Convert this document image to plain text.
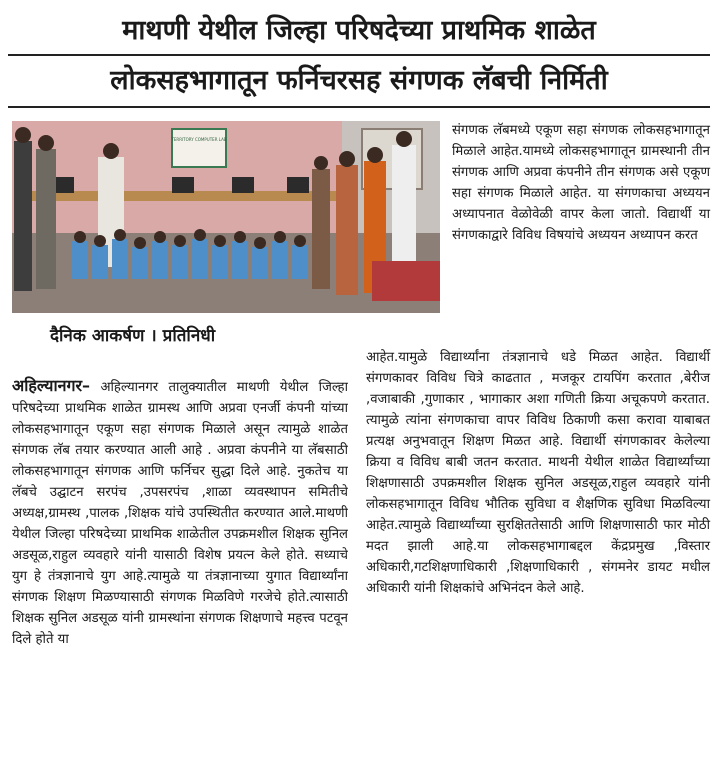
माथणी येथील जिल्हा परिषदेच्या प्राथमिक शाळेत
लोकसहभागातून फर्निचरसह संगणक लॅबची निर्मिती
TERRITORY COMPUTER LAB
दैनिक आकर्षण । प्रतिनिधी

संगणक लॅबमध्ये एकूण सहा संगणक लोकसहभागातून मिळाले आहेत.यामध्ये लोकसहभागातून ग्रामस्थानी तीन संगणक आणि अप्रवा कंपनीने तीन संगणक असे एकूण सहा संगणक मिळाले आहेत. या संगणकाचा अध्ययन अध्यापनात वेळोवेळी वापर केला जातो. विद्यार्थी या संगणकाद्वारे विविध विषयांचे अध्ययन अध्यापन करत

आहेत.यामुळे विद्यार्थ्यांना तंत्रज्ञानाचे धडे मिळत आहेत. विद्यार्थी संगणकावर विविध चित्रे काढतात , मजकूर टायपिंग करतात ,बेरीज ,वजाबाकी ,गुणाकार , भागाकार अशा गणिती क्रिया अचूकपणे करतात. त्यामुळे त्यांना संगणकाचा वापर विविध ठिकाणी कसा करावा याबाबत प्रत्यक्ष अनुभवातून शिक्षण मिळत आहे. विद्यार्थी संगणकावर केलेल्या क्रिया व विविध बाबी जतन करतात. माथनी येथील शाळेत विद्यार्थ्यांच्या शिक्षणासाठी उपक्रमशील शिक्षक सुनिल अडसूळ,राहुल व्यवहारे यांनी लोकसहभागातून विविध भौतिक सुविधा व शैक्षणिक सुविधा मिळविल्या आहेत.त्यामुळे विद्यार्थ्यांच्या सुरक्षिततेसाठी आणि शिक्षणासाठी फार मोठी मदत झाली आहे.या लोकसहभागाबद्दल केंद्रप्रमुख ,विस्तार अधिकारी,गटशिक्षणाधिकारी ,शिक्षणाधिकारी , संगमनेर डायट मधील अधिकारी यांनी शिक्षकांचे अभिनंदन केले आहे.

अहिल्यानगर– अहिल्यानगर तालुक्यातील माथणी येथील जिल्हा परिषदेच्या प्राथमिक शाळेत ग्रामस्थ आणि अप्रवा एनर्जी कंपनी यांच्या लोकसहभागातून एकूण सहा संगणक मिळाले असून त्यामुळे शाळेत संगणक लॅब तयार करण्यात आली आहे . अप्रवा कंपनीने या लॅबसाठी लोकसहभागातून संगणक आणि फर्निचर सुद्धा दिले आहे. नुकतेच या लॅबचे उद्घाटन सरपंच ,उपसरपंच ,शाळा व्यवस्थापन समितीचे अध्यक्ष,ग्रामस्थ ,पालक ,शिक्षक यांचे उपस्थितीत करण्यात आले.माथणी येथील जिल्हा परिषदेच्या प्राथमिक शाळेतील उपक्रमशील शिक्षक सुनिल अडसूळ,राहुल व्यवहारे यांनी यासाठी विशेष प्रयत्न केले होते. सध्याचे युग हे तंत्रज्ञानाचे युग आहे.त्यामुळे या तंत्रज्ञानाच्या युगात विद्यार्थ्यांना संगणक शिक्षण मिळण्यासाठी संगणक मिळविणे गरजेचे होते.त्यासाठी शिक्षक सुनिल अडसूळ यांनी ग्रामस्थांना संगणक शिक्षणाचे महत्त्व पटवून दिले होते या
